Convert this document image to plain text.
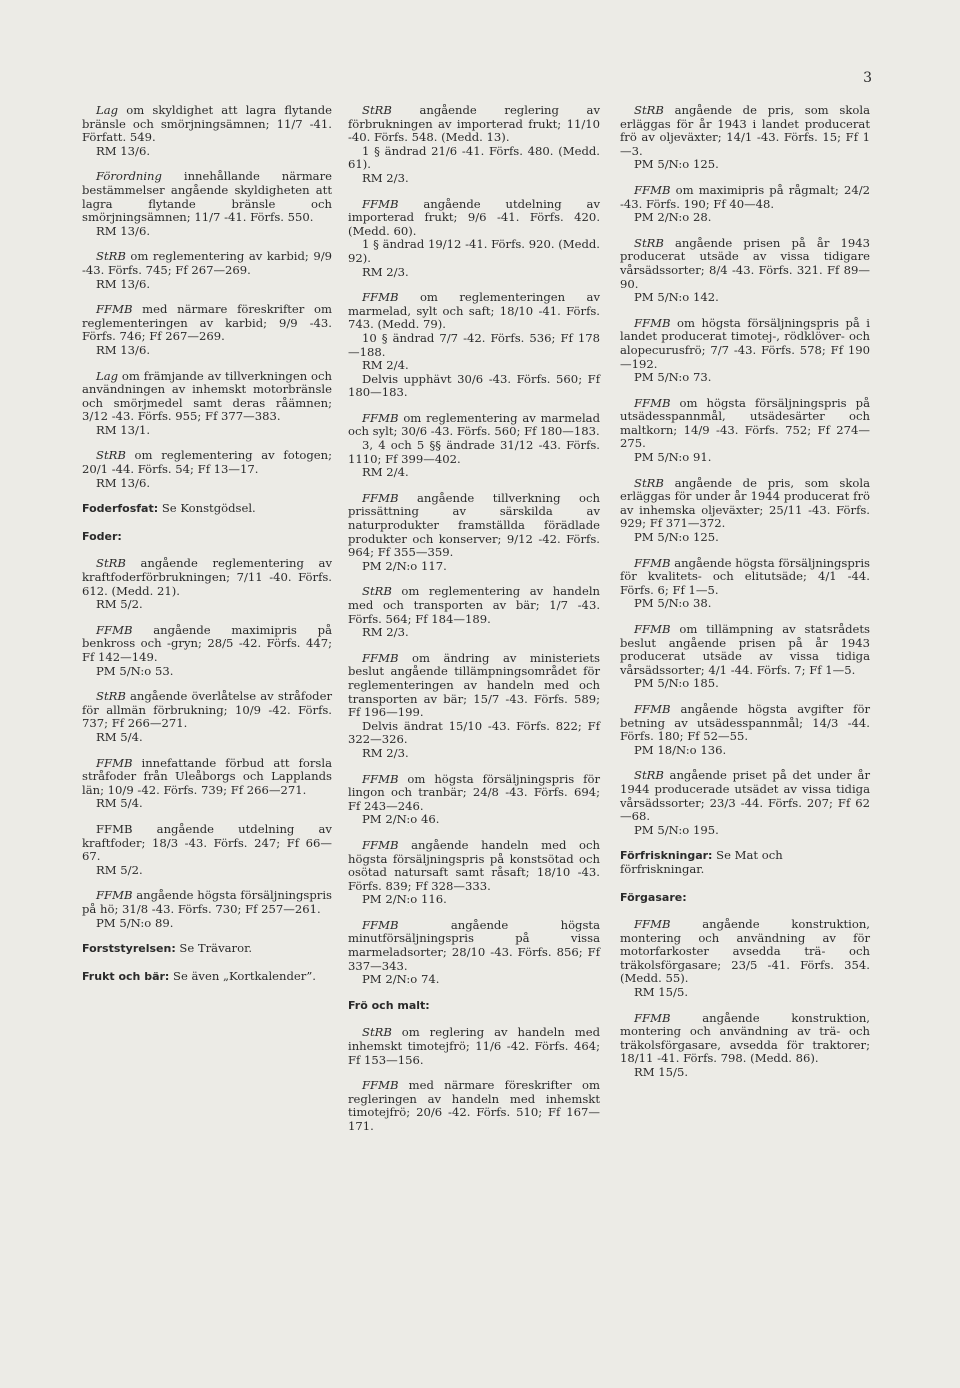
3

Lag om skyldighet att lagra flytande bränsle och smörjningsämnen; 11/7 -41. Författ. 549.

RM 13/6.

Förordning innehållande närmare bestämmelser angående skyldigheten att lagra flytande bränsle och smörjningsämnen; 11/7 -41. Förfs. 550.

RM 13/6.

StRB om reglementering av karbid; 9/9 -43. Förfs. 745; Ff 267—269.

RM 13/6.

FFMB med närmare föreskrifter om reglementeringen av karbid; 9/9 -43. Förfs. 746; Ff 267—269.

RM 13/6.

Lag om främjande av tillverkningen och användningen av inhemskt motorbränsle och smörjmedel samt deras råämnen; 3/12 -43. Förfs. 955; Ff 377—383.

RM 13/1.

StRB om reglementering av fotogen; 20/1 -44. Förfs. 54; Ff 13—17.

RM 13/6.

Foderfosfat: Se Konstgödsel.
Foder:

StRB angående reglementering av kraftfoderförbrukningen; 7/11 -40. Förfs. 612. (Medd. 21).

RM 5/2.

FFMB angående maximipris på benkross och -gryn; 28/5 -42. Förfs. 447; Ff 142—149.

PM 5/N:o 53.

StRB angående överlåtelse av stråfoder för allmän förbrukning; 10/9 -42. Förfs. 737; Ff 266—271.

RM 5/4.

FFMB innefattande förbud att forsla stråfoder från Uleåborgs och Lapplands län; 10/9 -42. Förfs. 739; Ff 266—271.

RM 5/4.

FFMB angående utdelning av kraftfoder; 18/3 -43. Förfs. 247; Ff 66—67.

RM 5/2.

FFMB angående högsta försäljningspris på hö; 31/8 -43. Förfs. 730; Ff 257—261.

PM 5/N:o 89.

Forststyrelsen: Se Trävaror.
Frukt och bär: Se även „Kortkalender”.

StRB angående reglering av förbrukningen av importerad frukt; 11/10 -40. Förfs. 548. (Medd. 13).

1 § ändrad 21/6 -41. Förfs. 480. (Medd. 61).

RM 2/3.

FFMB angående utdelning av importerad frukt; 9/6 -41. Förfs. 420. (Medd. 60).

1 § ändrad 19/12 -41. Förfs. 920. (Medd. 92).

RM 2/3.

FFMB om reglementeringen av marmelad, sylt och saft; 18/10 -41. Förfs. 743. (Medd. 79).

10 § ändrad 7/7 -42. Förfs. 536; Ff 178—188.

RM 2/4.

Delvis upphävt 30/6 -43. Förfs. 560; Ff 180—183.

FFMB om reglementering av marmelad och sylt; 30/6 -43. Förfs. 560; Ff 180—183.

3, 4 och 5 §§ ändrade 31/12 -43. Förfs. 1110; Ff 399—402.

RM 2/4.

FFMB angående tillverkning och prissättning av särskilda av naturprodukter framställda förädlade produkter och konserver; 9/12 -42. Förfs. 964; Ff 355—359.

PM 2/N:o 117.

StRB om reglementering av handeln med och transporten av bär; 1/7 -43. Förfs. 564; Ff 184—189.

RM 2/3.

FFMB om ändring av ministeriets beslut angående tillämpningsområdet för reglementeringen av handeln med och transporten av bär; 15/7 -43. Förfs. 589; Ff 196—199.

Delvis ändrat 15/10 -43. Förfs. 822; Ff 322—326.

RM 2/3.

FFMB om högsta försäljningspris för lingon och tranbär; 24/8 -43. Förfs. 694; Ff 243—246.

PM 2/N:o 46.

FFMB angående handeln med och högsta försäljningspris på konstsötad och osötad natursaft samt råsaft; 18/10 -43. Förfs. 839; Ff 328—333.

PM 2/N:o 116.

FFMB angående högsta minutförsäljningspris på vissa marmeladsorter; 28/10 -43. Förfs. 856; Ff 337—343.

PM 2/N:o 74.

Frö och malt:

StRB om reglering av handeln med inhemskt timotejfrö; 11/6 -42. Förfs. 464; Ff 153—156.

FFMB med närmare föreskrifter om regleringen av handeln med inhemskt timotejfrö; 20/6 -42. Förfs. 510; Ff 167—171.

StRB angående de pris, som skola erläggas för år 1943 i landet producerat frö av oljeväxter; 14/1 -43. Förfs. 15; Ff 1—3.

PM 5/N:o 125.

FFMB om maximipris på rågmalt; 24/2 -43. Förfs. 190; Ff 40—48.

PM 2/N:o 28.

StRB angående prisen på år 1943 producerat utsäde av vissa tidigare vårsädssorter; 8/4 -43. Förfs. 321. Ff 89—90.

PM 5/N:o 142.

FFMB om högsta försäljningspris på i landet producerat timotej-, rödklöver- och alopecurusfrö; 7/7 -43. Förfs. 578; Ff 190—192.

PM 5/N:o 73.

FFMB om högsta försäljningspris på utsädesspannmål, utsädesärter och maltkorn; 14/9 -43. Förfs. 752; Ff 274—275.

PM 5/N:o 91.

StRB angående de pris, som skola erläggas för under år 1944 producerat frö av inhemska oljeväxter; 25/11 -43. Förfs. 929; Ff 371—372.

PM 5/N:o 125.

FFMB angående högsta försäljningspris för kvalitets- och elitutsäde; 4/1 -44. Förfs. 6; Ff 1—5.

PM 5/N:o 38.

FFMB om tillämpning av statsrådets beslut angående prisen på år 1943 producerat utsäde av vissa tidiga vårsädssorter; 4/1 -44. Förfs. 7; Ff 1—5.

PM 5/N:o 185.

FFMB angående högsta avgifter för betning av utsädesspannmål; 14/3 -44. Förfs. 180; Ff 52—55.

PM 18/N:o 136.

StRB angående priset på det under år 1944 producerade utsädet av vissa tidiga vårsädssorter; 23/3 -44. Förfs. 207; Ff 62—68.

PM 5/N:o 195.

Förfriskningar: Se Mat och förfriskningar.
Förgasare:

FFMB angående konstruktion, montering och användning av för motorfarkoster avsedda trä- och träkolsförgasare; 23/5 -41. Förfs. 354. (Medd. 55).

RM 15/5.

FFMB angående konstruktion, montering och användning av trä- och träkolsförgasare, avsedda för traktorer; 18/11 -41. Förfs. 798. (Medd. 86).

RM 15/5.
